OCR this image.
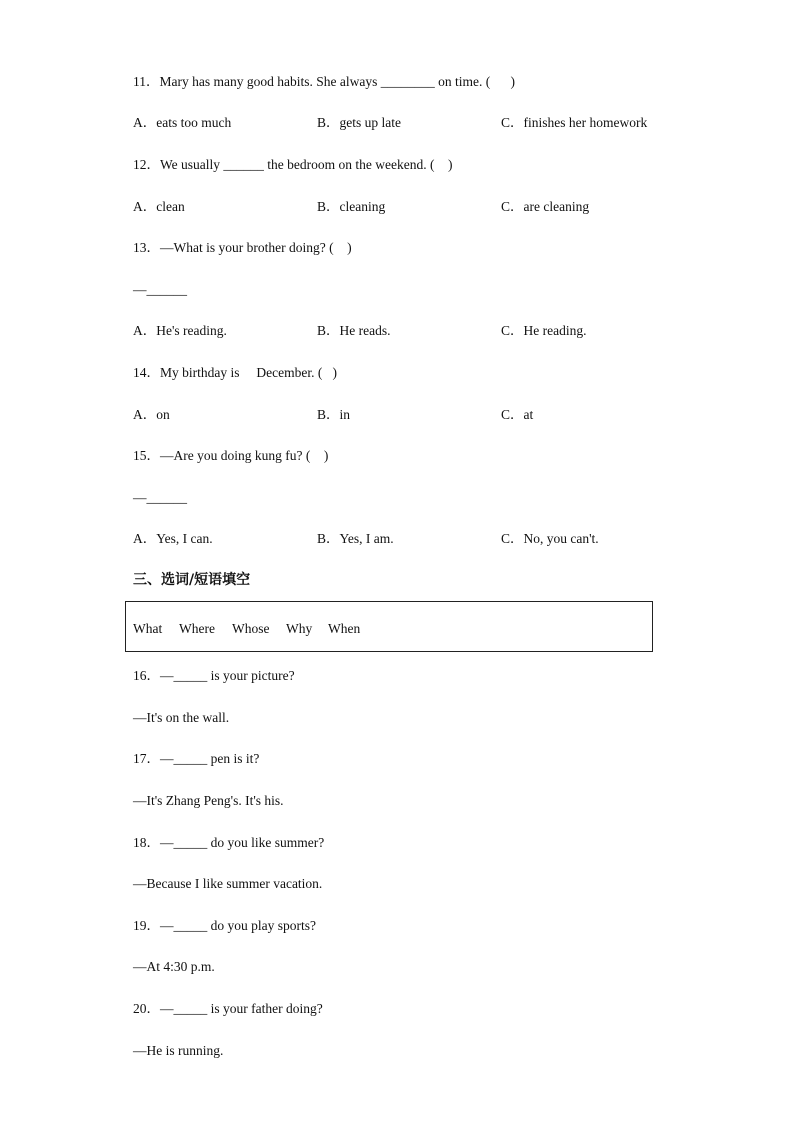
11．Mary has many good habits. She always ________ on time. (      )
A．eats too much	B．gets up late	C．finishes her homework
12．We usually ______ the bedroom on the weekend. (    )
A．clean	B．cleaning	C．are cleaning
13．—What is your brother doing? (    )
—______
A．He's reading.	B．He reads.	C．He reading.
14．My birthday is     December. (   )
A．on	B．in	C．at
15．—Are you doing kung fu? (    )
—______
A．Yes, I can.	B．Yes, I am.	C．No, you can't.
三、选词/短语填空
What Where Whose Why When
16．—_____ is your picture?
—It's on the wall.
17．—_____ pen is it?
—It's Zhang Peng's. It's his.
18．—_____ do you like summer?
—Because I like summer vacation.
19．—_____ do you play sports?
—At 4:30 p.m.
20．—_____ is your father doing?
—He is running.
